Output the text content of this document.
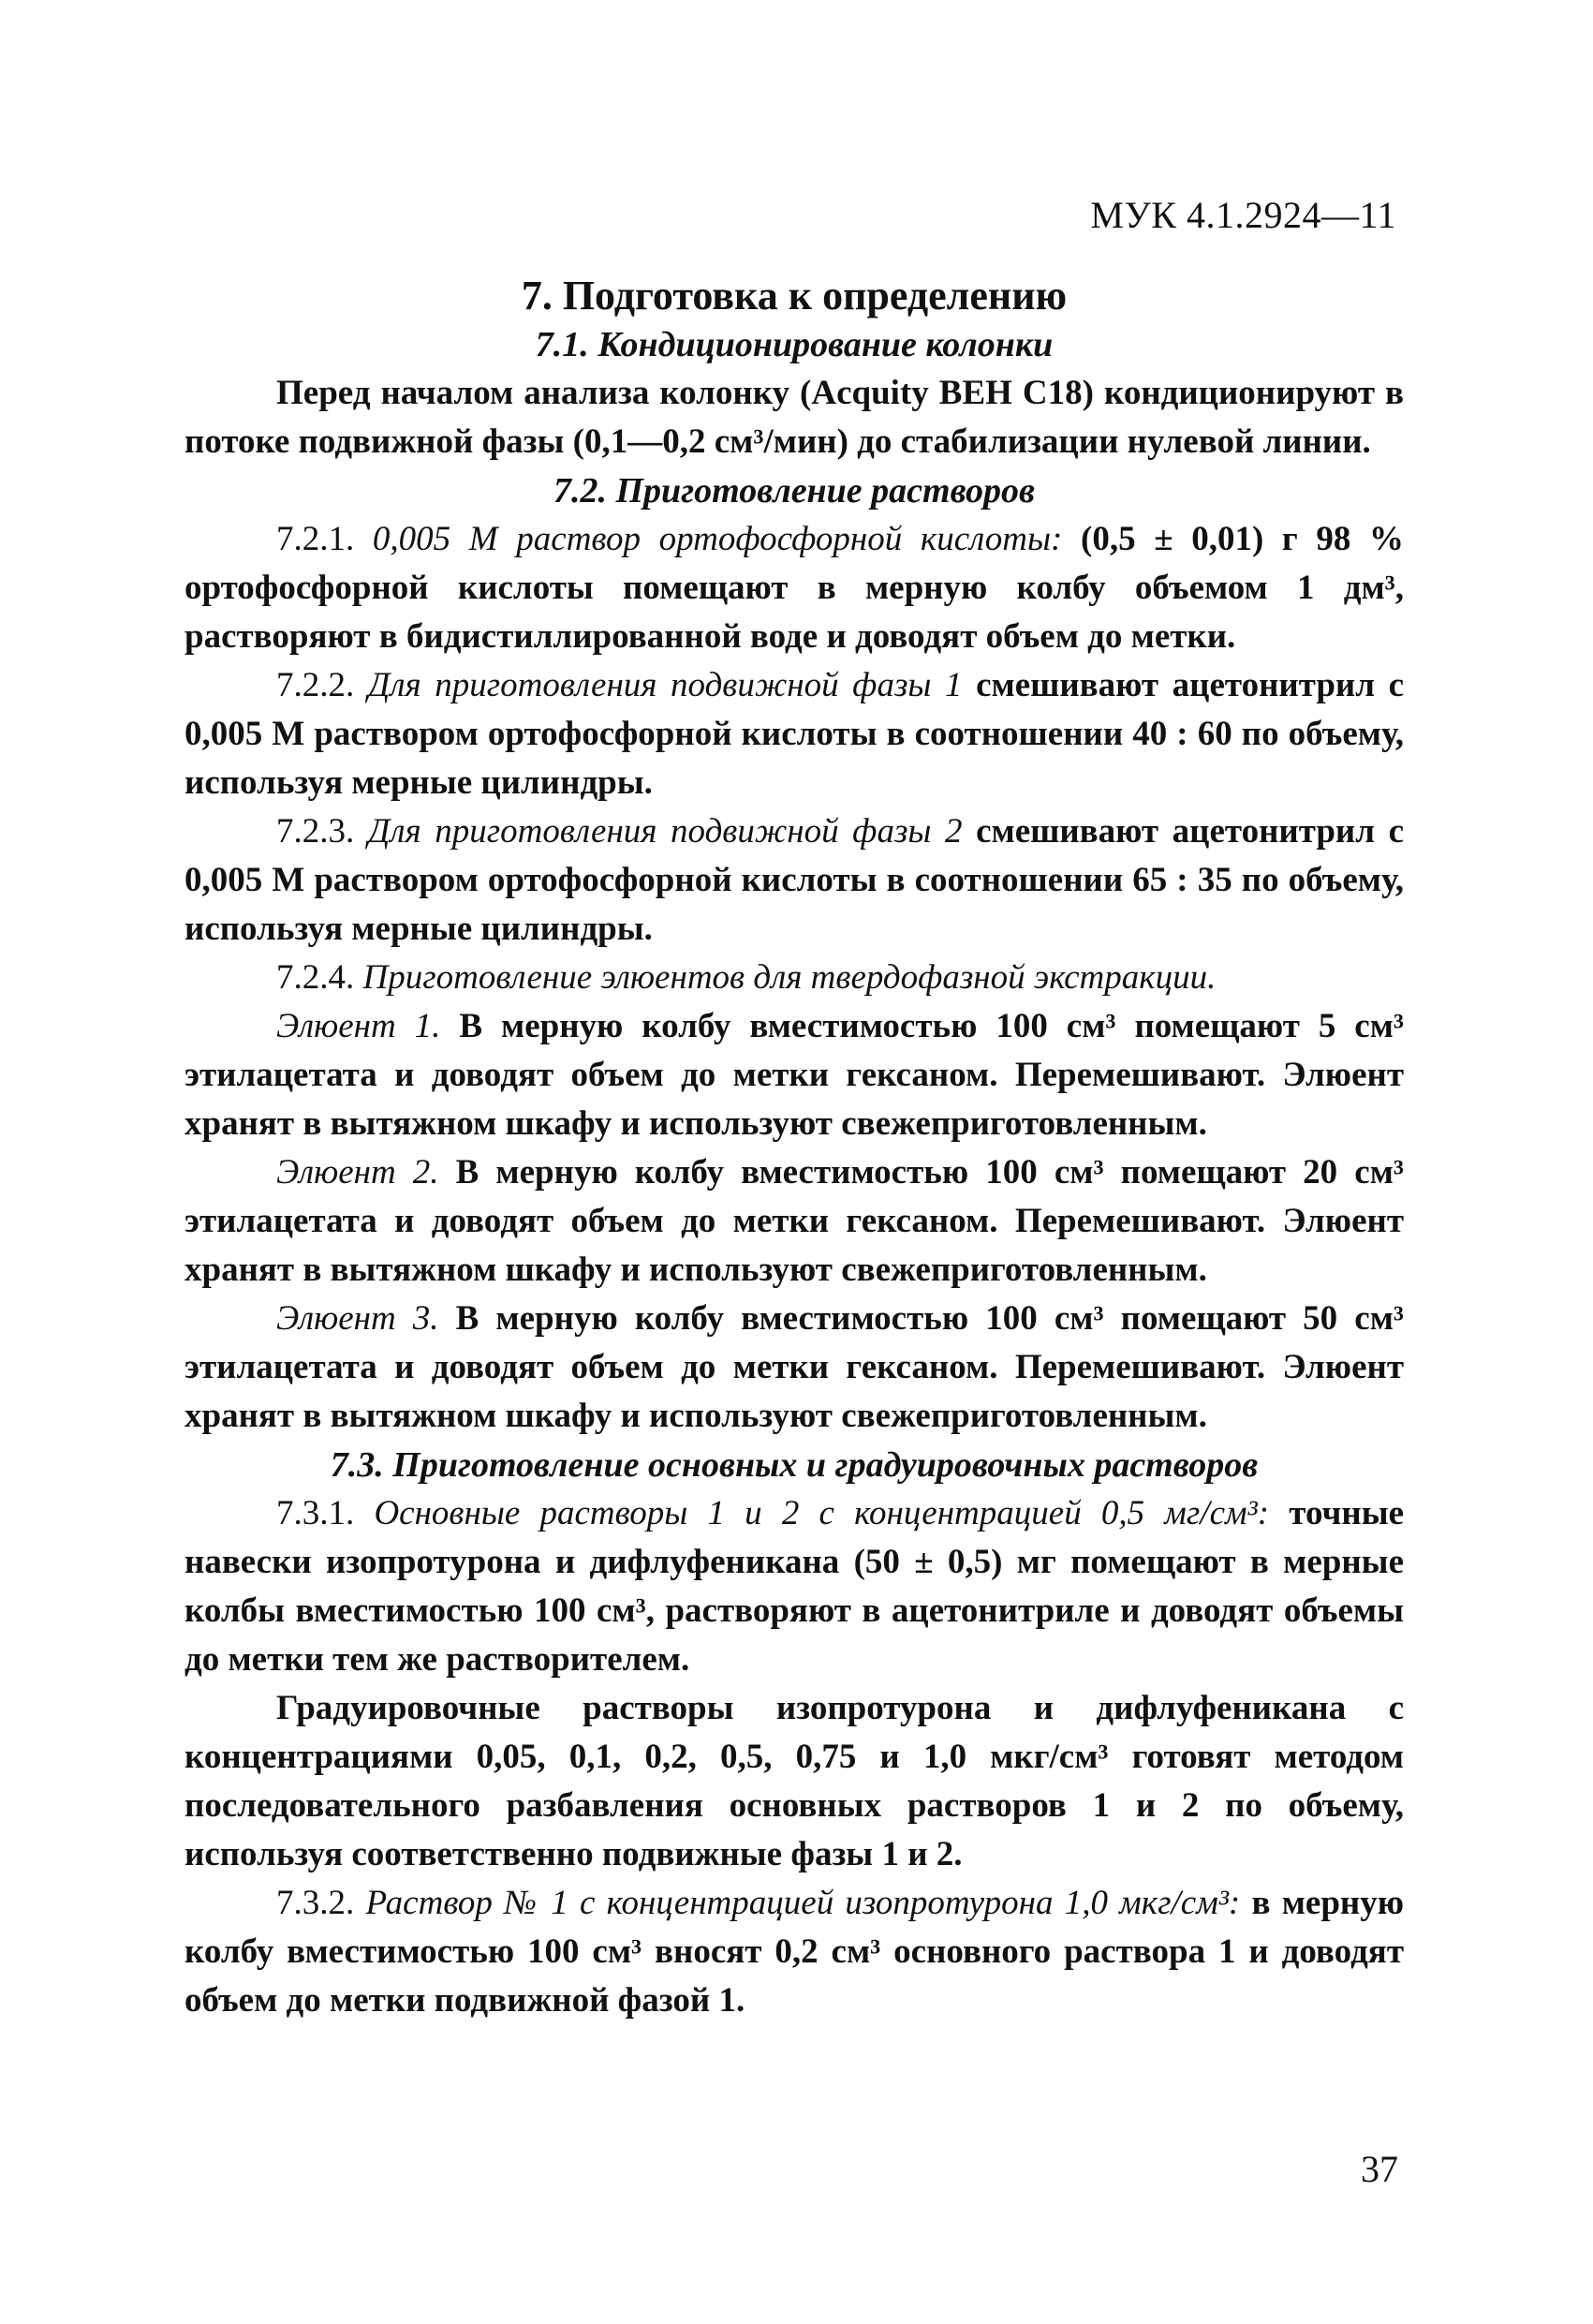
МУК 4.1.2924—11

7. Подготовка к определению

7.1. Кондиционирование колонки

Перед началом анализа колонку (Acquity BEH C18) кондиционируют в потоке подвижной фазы (0,1—0,2 см³/мин) до стабилизации нулевой линии.

7.2. Приготовление растворов

7.2.1. 0,005 М раствор ортофосфорной кислоты: (0,5 ± 0,01) г 98 % ортофосфорной кислоты помещают в мерную колбу объемом 1 дм³, растворяют в бидистиллированной воде и доводят объем до метки.

7.2.2. Для приготовления подвижной фазы 1 смешивают ацетонитрил с 0,005 М раствором ортофосфорной кислоты в соотношении 40 : 60 по объему, используя мерные цилиндры.

7.2.3. Для приготовления подвижной фазы 2 смешивают ацетонитрил с 0,005 М раствором ортофосфорной кислоты в соотношении 65 : 35 по объему, используя мерные цилиндры.

7.2.4. Приготовление элюентов для твердофазной экстракции.

Элюент 1. В мерную колбу вместимостью 100 см³ помещают 5 см³ этилацетата и доводят объем до метки гексаном. Перемешивают. Элюент хранят в вытяжном шкафу и используют свежеприготовленным.

Элюент 2. В мерную колбу вместимостью 100 см³ помещают 20 см³ этилацетата и доводят объем до метки гексаном. Перемешивают. Элюент хранят в вытяжном шкафу и используют свежеприготовленным.

Элюент 3. В мерную колбу вместимостью 100 см³ помещают 50 см³ этилацетата и доводят объем до метки гексаном. Перемешивают. Элюент хранят в вытяжном шкафу и используют свежеприготовленным.

7.3. Приготовление основных и градуировочных растворов

7.3.1. Основные растворы 1 и 2 с концентрацией 0,5 мг/см³: точные навески изопротурона и дифлуфеникана (50 ± 0,5) мг помещают в мерные колбы вместимостью 100 см³, растворяют в ацетонитриле и доводят объемы до метки тем же растворителем.

Градуировочные растворы изопротурона и дифлуфеникана с концентрациями 0,05, 0,1, 0,2, 0,5, 0,75 и 1,0 мкг/см³ готовят методом последовательного разбавления основных растворов 1 и 2 по объему, используя соответственно подвижные фазы 1 и 2.

7.3.2. Раствор № 1 с концентрацией изопротурона 1,0 мкг/см³: в мерную колбу вместимостью 100 см³ вносят 0,2 см³ основного раствора 1 и доводят объем до метки подвижной фазой 1.

37
